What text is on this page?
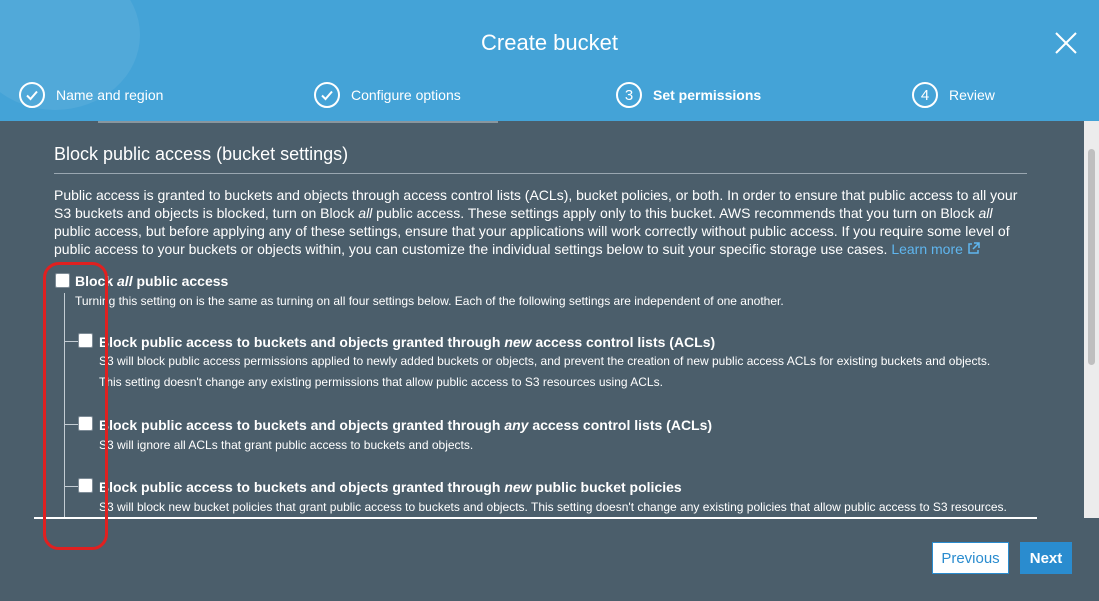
Create bucket
Name and region	Configure options	3	Set permissions	4	Review
Block public access (bucket settings)
Public access is granted to buckets and objects through access control lists (ACLs), bucket policies, or both. In order to ensure that public access to all your S3 buckets and objects is blocked, turn on Block all public access. These settings apply only to this bucket. AWS recommends that you turn on Block all public access, but before applying any of these settings, ensure that your applications will work correctly without public access. If you require some level of public access to your buckets or objects within, you can customize the individual settings below to suit your specific storage use cases. Learn more
Block all public access
Turning this setting on is the same as turning on all four settings below. Each of the following settings are independent of one another.
Block public access to buckets and objects granted through new access control lists (ACLs)
S3 will block public access permissions applied to newly added buckets or objects, and prevent the creation of new public access ACLs for existing buckets and objects.
This setting doesn't change any existing permissions that allow public access to S3 resources using ACLs.
Block public access to buckets and objects granted through any access control lists (ACLs)
S3 will ignore all ACLs that grant public access to buckets and objects.
Block public access to buckets and objects granted through new public bucket policies
S3 will block new bucket policies that grant public access to buckets and objects. This setting doesn't change any existing policies that allow public access to S3 resources.
Previous	Next
